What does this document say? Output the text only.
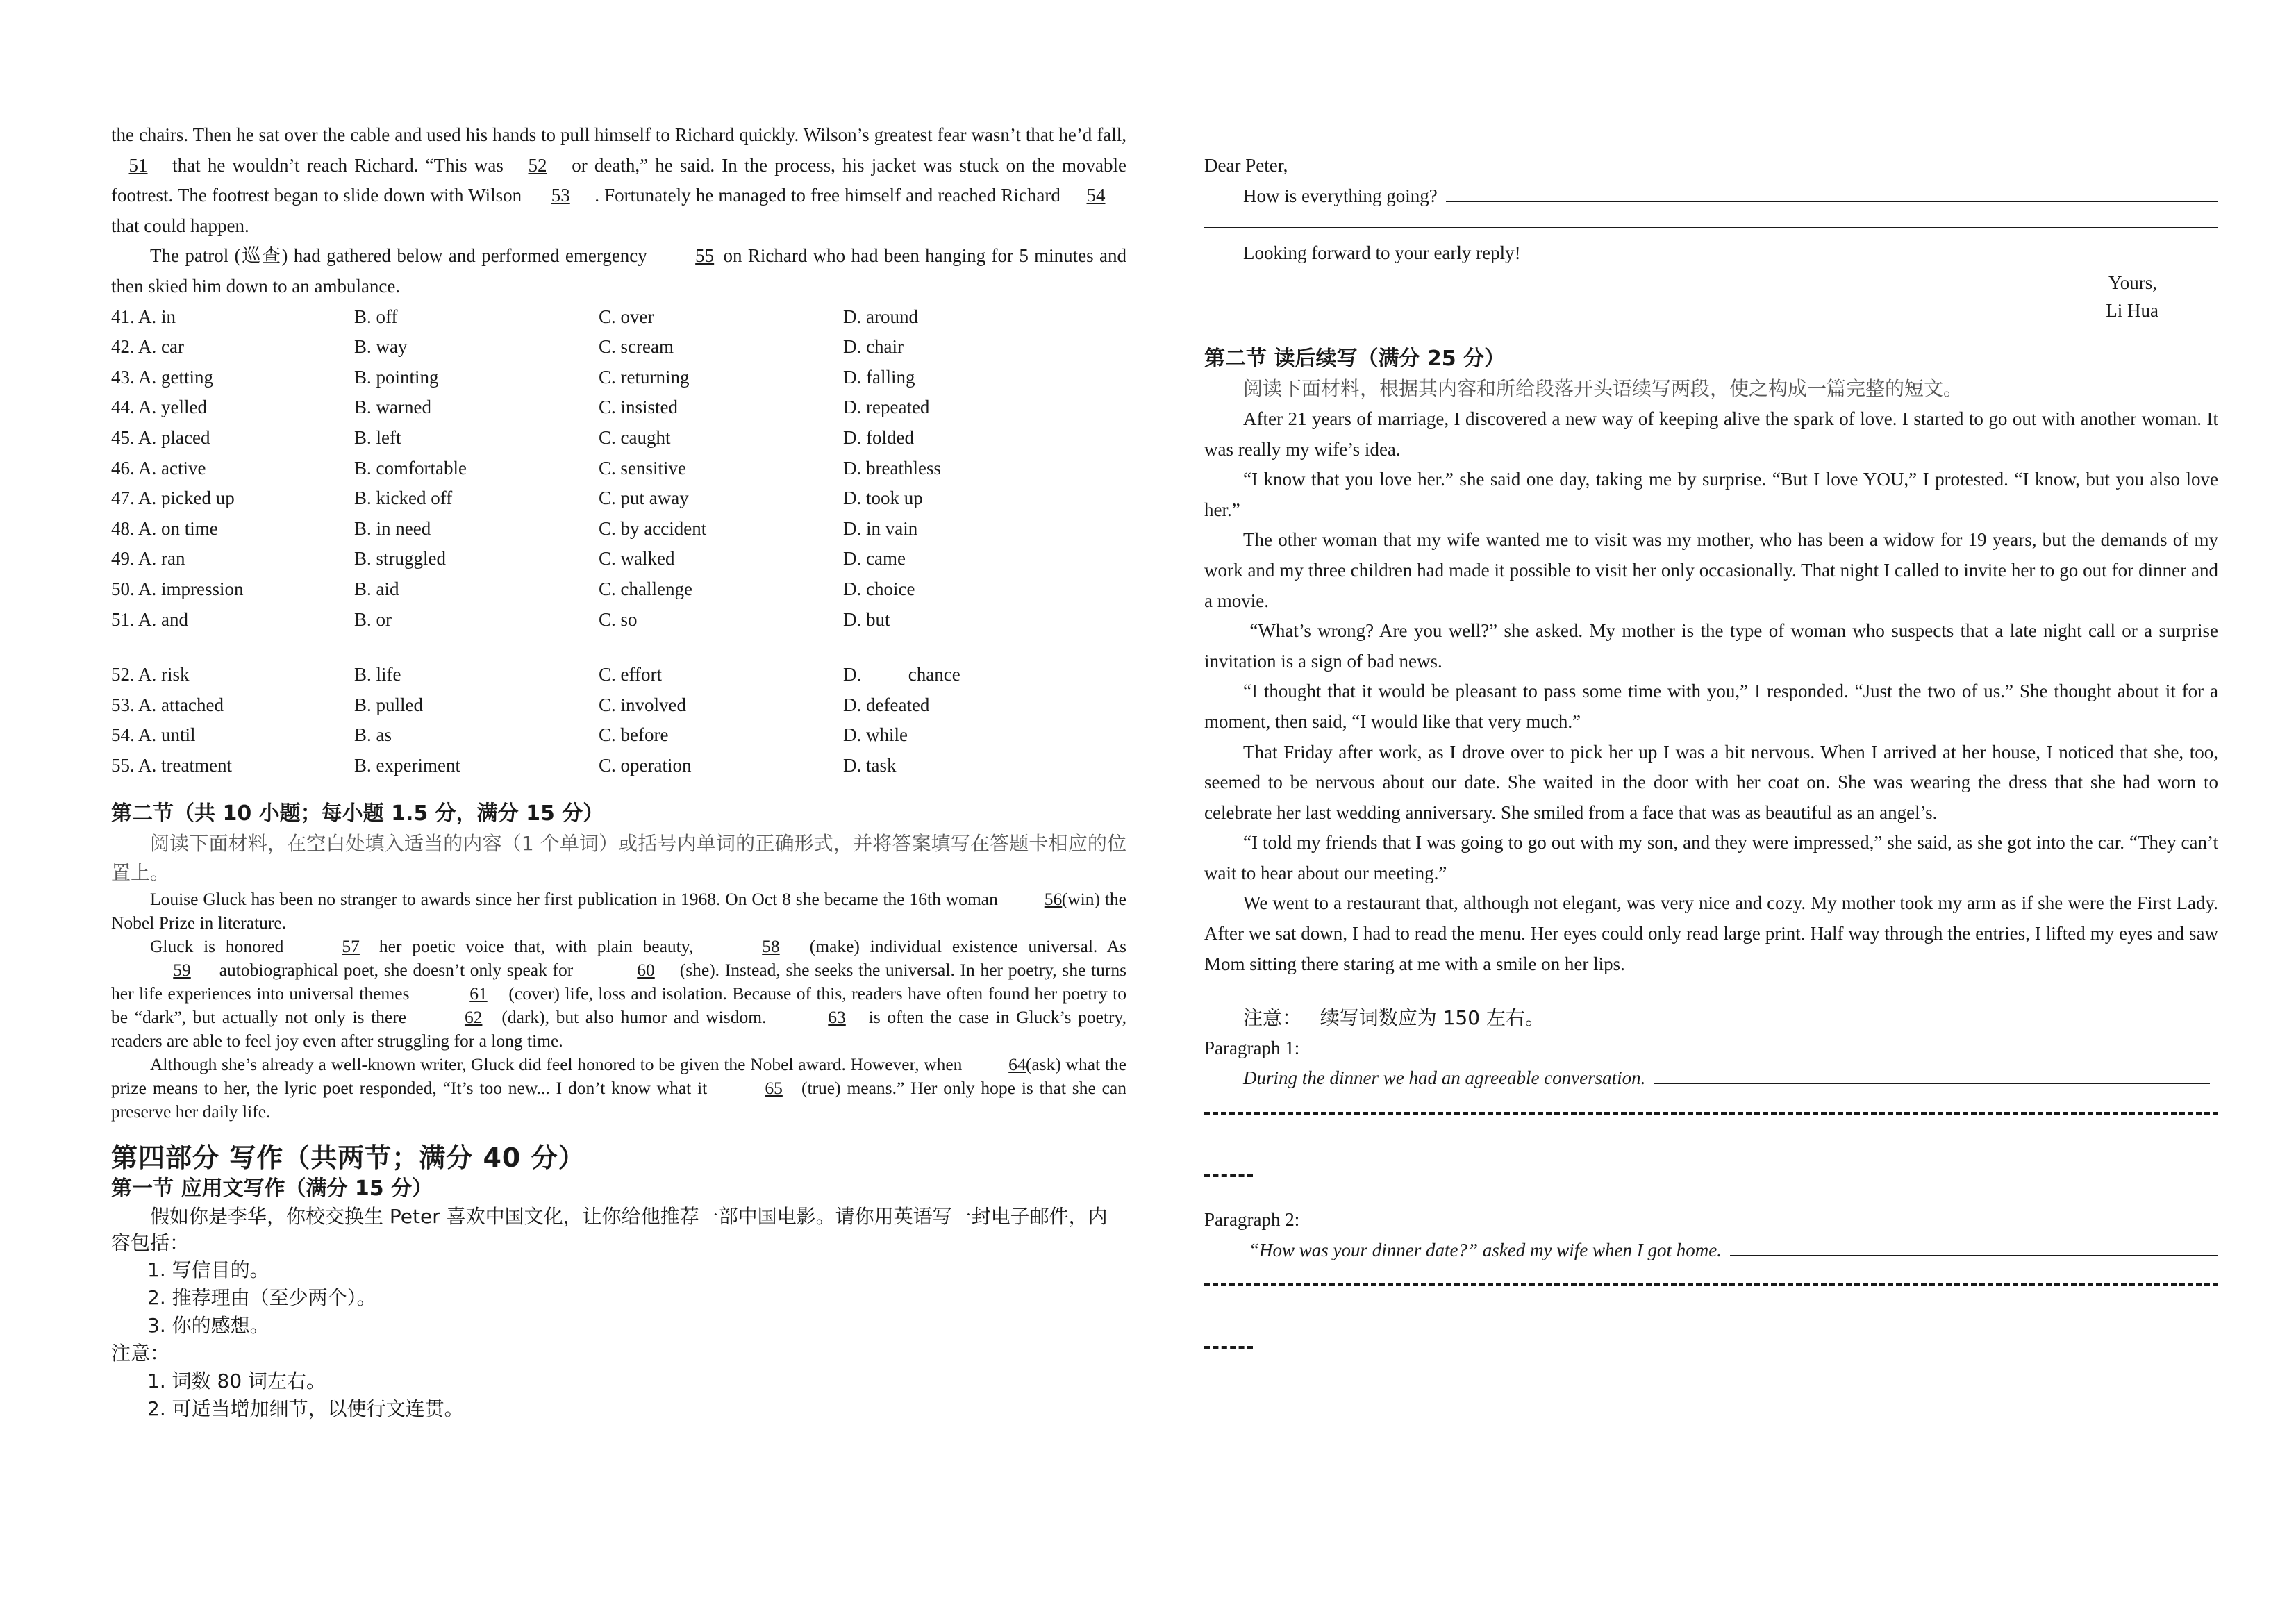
the chairs. Then he sat over the cable and used his hands to pull himself to Richard quickly. Wilson’s greatest fear wasn’t that he’d fall, 51 that he wouldn’t reach Richard. “This was 52 or death,” he said. In the process, his jacket was stuck on the movable footrest. The footrest began to slide down with Wilson 53 . Fortunately he managed to free himself and reached Richard 54 that could happen.

The patrol (巡查) had gathered below and performed emergency 55 on Richard who had been hanging for 5 minutes and then skied him down to an ambulance.

41. A. in	B. off	C. over	D. around
42. A. car	B. way	C. scream	D. chair
43. A. getting	B. pointing	C. returning	D. falling
44. A. yelled	B. warned	C. insisted	D. repeated
45. A. placed	B. left	C. caught	D. folded
46. A. active	B. comfortable	C. sensitive	D. breathless
47. A. picked up	B. kicked off	C. put away	D. took up
48. A. on time	B. in need	C. by accident	D. in vain
49. A. ran	B. struggled	C. walked	D. came
50. A. impression	B. aid	C. challenge	D. choice
51. A. and	B. or	C. so	D. but
52. A. risk	B. life	C. effort	D.          chance
53. A. attached	B. pulled	C. involved	D. defeated
54. A. until	B. as	C. before	D. while
55. A. treatment	B. experiment	C. operation	D. task

第二节（共 10 小题；每小题 1.5 分，满分 15 分）

阅读下面材料，在空白处填入适当的内容（1 个单词）或括号内单词的正确形式，并将答案填写在答题卡相应的位置上。

Louise Gluck has been no stranger to awards since her first publication in 1968. On Oct 8 she became the 16th woman 56 (win) the Nobel Prize in literature.

Gluck is honored	57 her poetic voice that, with plain beauty,	58 (make) individual existence universal. As 59 autobiographical poet, she doesn’t only speak for	60 (she). Instead, she seeks the universal. In her poetry, she turns her life experiences into universal themes	61 (cover) life, loss and isolation. Because of this, readers have often found her poetry to be “dark”, but actually not only is there	62 (dark), but also humor and wisdom.	63 is often the case in Gluck’s poetry, readers are able to feel joy even after struggling for a long time.

Although she’s already a well-known writer, Gluck did feel honored to be given the Nobel award. However, when 64 (ask) what the prize means to her, the lyric poet responded, “It’s too new... I don’t know what it	65 (true) means.” Her only hope is that she can preserve her daily life.

第四部分 写作（共两节；满分 40 分）

第一节 应用文写作（满分 15 分）

假如你是李华，你校交换生 Peter 喜欢中国文化，让你给他推荐一部中国电影。请你用英语写一封电子邮件，内容包括：

1. 写信目的。

2. 推荐理由（至少两个）。

3. 你的感想。

注意：

1. 词数 80 词左右。

2. 可适当增加细节，以使行文连贯。

Dear Peter,

How is everything going?

Looking forward to your early reply!

Yours,

Li Hua

第二节 读后续写（满分 25 分）

阅读下面材料，根据其内容和所给段落开头语续写两段，使之构成一篇完整的短文。

After 21 years of marriage, I discovered a new way of keeping alive the spark of love. I started to go out with another woman. It was really my wife’s idea.

“I know that you love her.” she said one day, taking me by surprise. “But I love YOU,” I protested. “I know, but you also love her.”

The other woman that my wife wanted me to visit was my mother, who has been a widow for 19 years, but the demands of my work and my three children had made it possible to visit her only occasionally. That night I called to invite her to go out for dinner and a movie.

“What’s wrong? Are you well?” she asked. My mother is the type of woman who suspects that a late night call or a surprise invitation is a sign of bad news.

“I thought that it would be pleasant to pass some time with you,” I responded. “Just the two of us.” She thought about it for a moment, then said, “I would like that very much.”

That Friday after work, as I drove over to pick her up I was a bit nervous. When I arrived at her house, I noticed that she, too, seemed to be nervous about our date. She waited in the door with her coat on. She was wearing the dress that she had worn to celebrate her last wedding anniversary. She smiled from a face that was as beautiful as an angel’s.

“I told my friends that I was going to go out with my son, and they were impressed,” she said, as she got into the car. “They can’t wait to hear about our meeting.”

We went to a restaurant that, although not elegant, was very nice and cozy. My mother took my arm as if she were the First Lady. After we sat down, I had to read the menu. Her eyes could only read large print. Half way through the entries, I lifted my eyes and saw Mom sitting there staring at me with a smile on her lips.

注意：   续写词数应为 150 左右。

Paragraph 1:

During the dinner we had an agreeable conversation.

Paragraph 2:

“How was your dinner date?” asked my wife when I got home.
